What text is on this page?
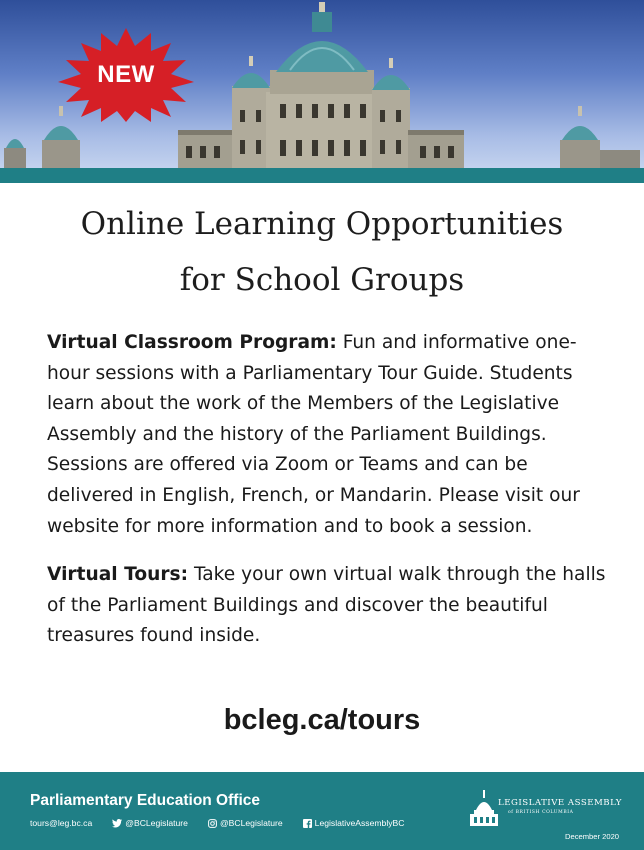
NEW
Online Learning Opportunities
for School Groups

Virtual Classroom Program: Fun and informative one-hour sessions with a Parliamentary Tour Guide. Students learn about the work of the Members of the Legislative Assembly and the history of the Parliament Buildings. Sessions are offered via Zoom or Teams and can be delivered in English, French, or Mandarin. Please visit our website for more information and to book a session.

Virtual Tours: Take your own virtual walk through the halls of the Parliament Buildings and discover the beautiful treasures found inside.

bcleg.ca/tours
Parliamentary Education Office
tours@leg.bc.ca	@BCLegislature	@BCLegislature	LegislativeAssemblyBC
LEGISLATIVE ASSEMBLY
of BRITISH COLUMBIA
December 2020
